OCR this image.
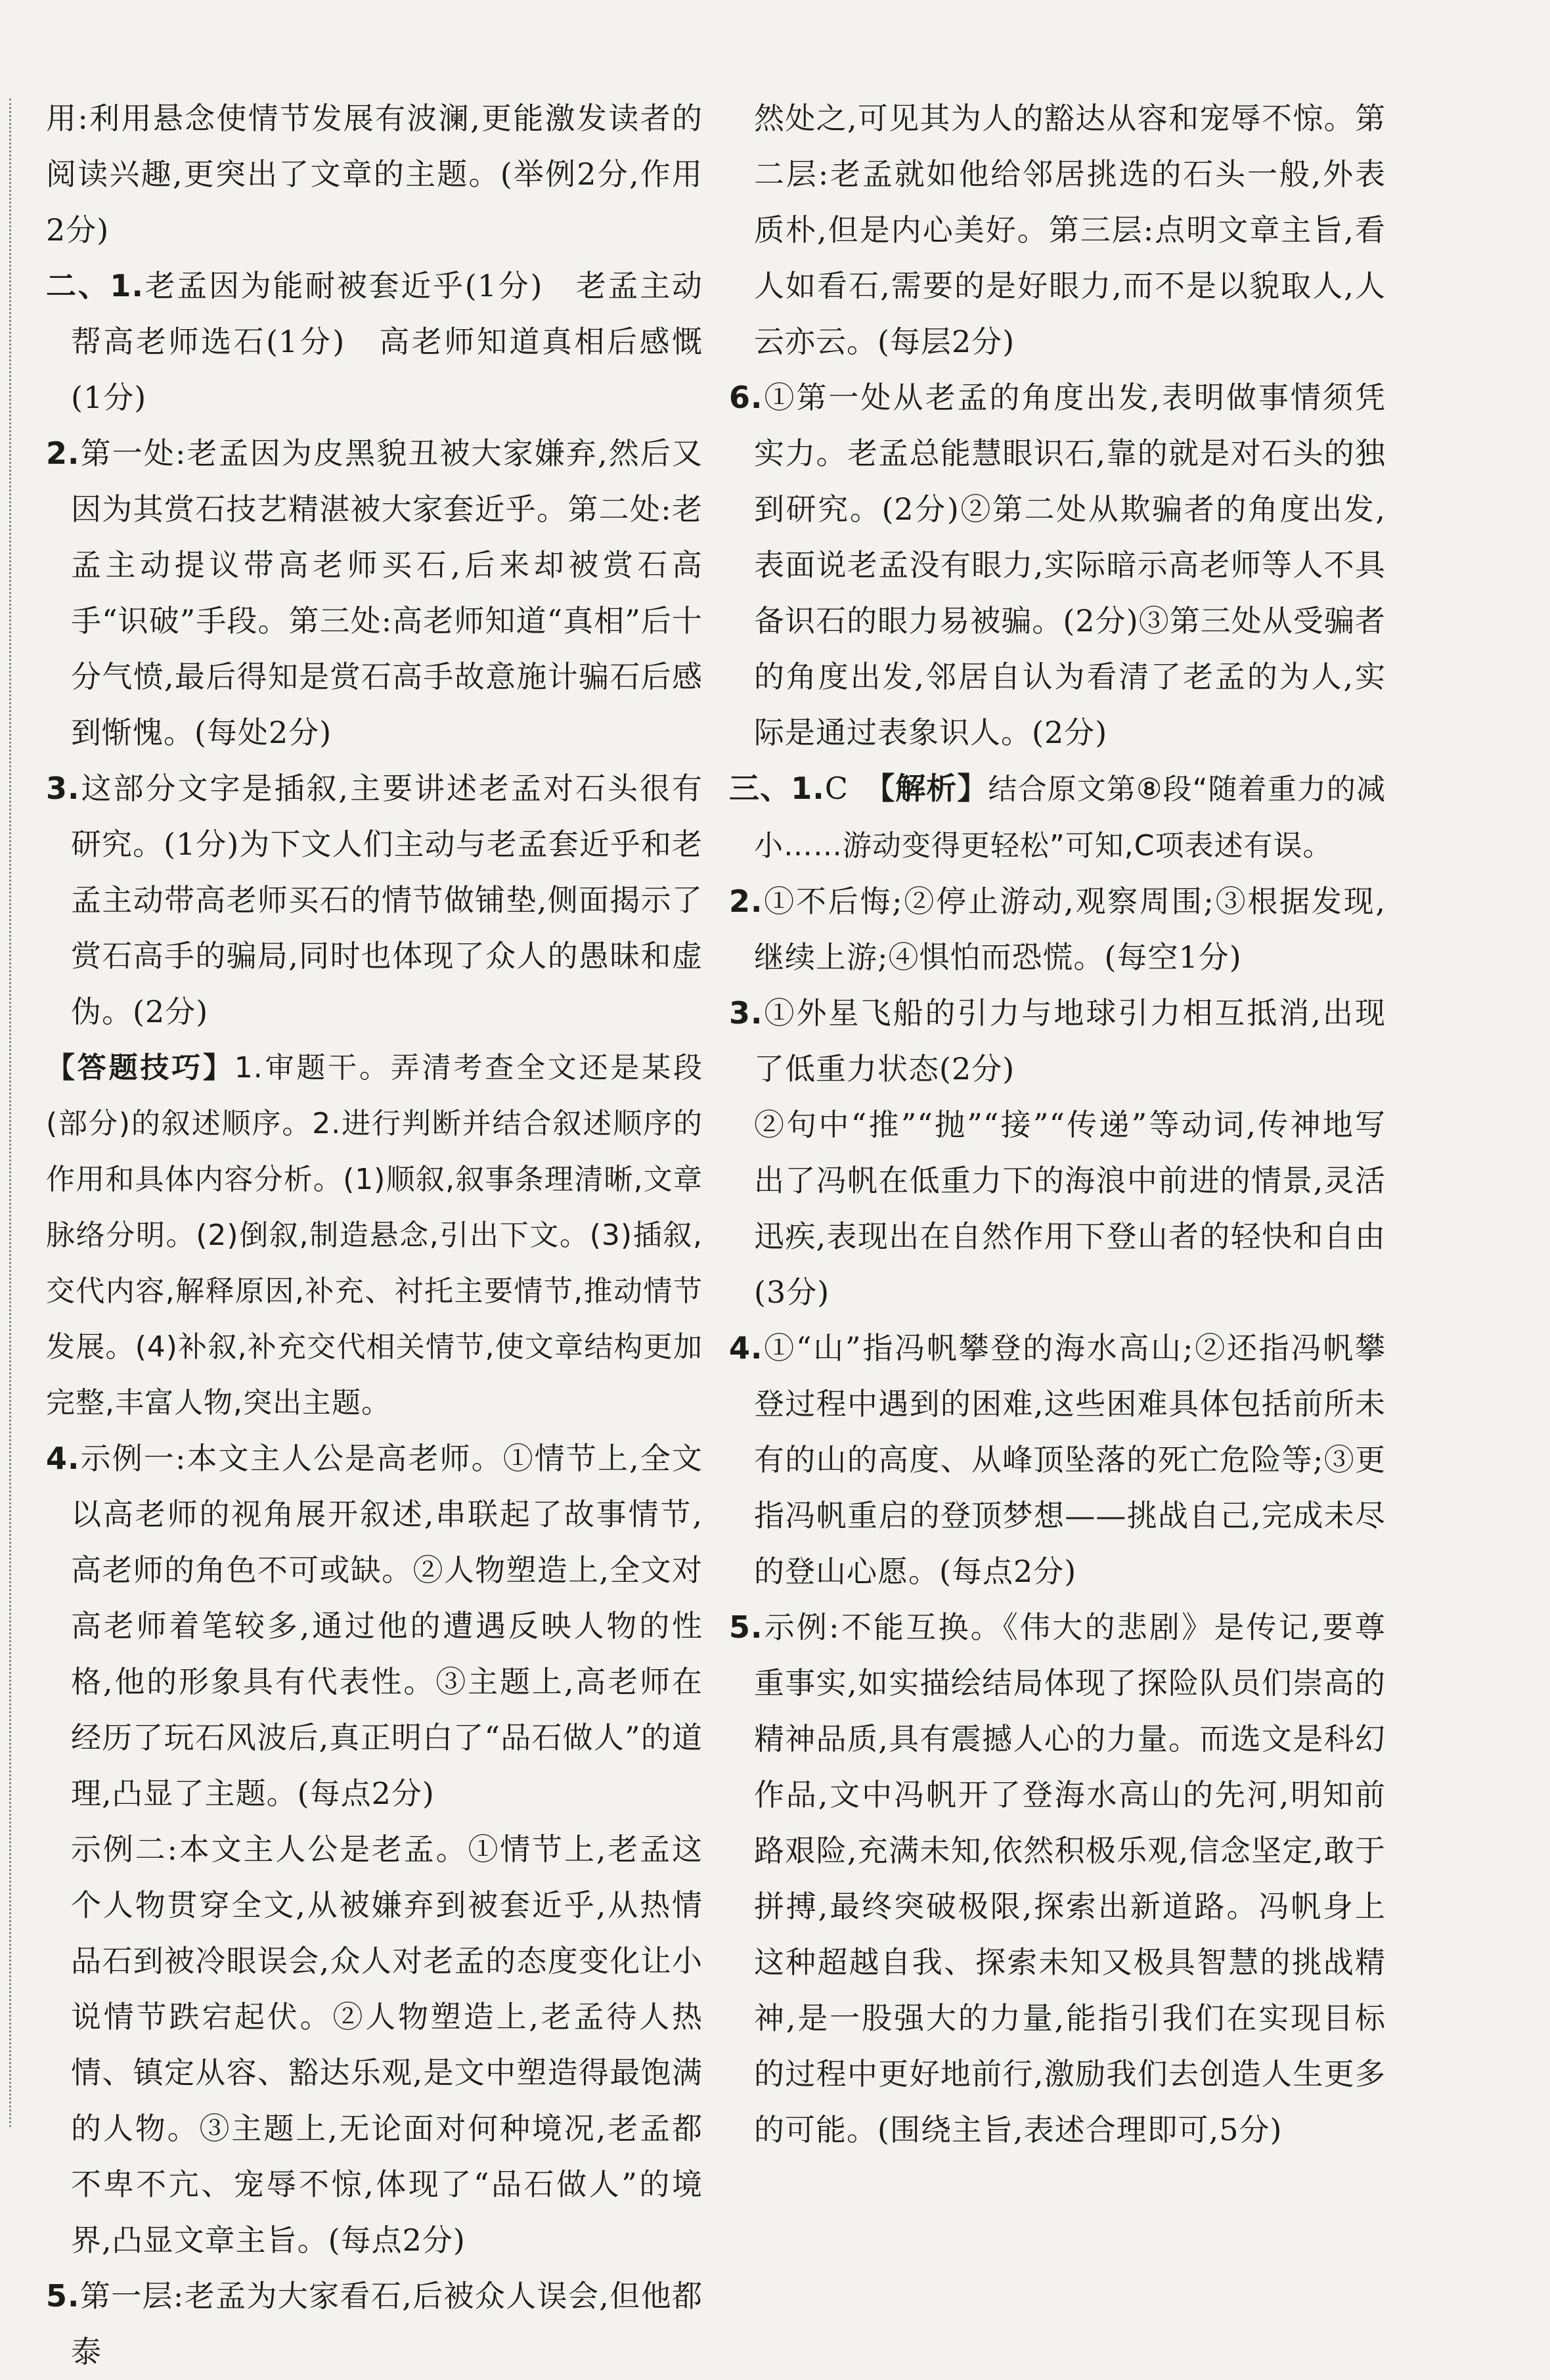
用:利用悬念使情节发展有波澜,更能激发读者的阅读兴趣,更突出了文章的主题。(举例2分,作用2分)

二、1.老孟因为能耐被套近乎(1分)　老孟主动帮高老师选石(1分)　高老师知道真相后感慨(1分)

2.第一处:老孟因为皮黑貌丑被大家嫌弃,然后又因为其赏石技艺精湛被大家套近乎。第二处:老孟主动提议带高老师买石,后来却被赏石高手“识破”手段。第三处:高老师知道“真相”后十分气愤,最后得知是赏石高手故意施计骗石后感到惭愧。(每处2分)

3.这部分文字是插叙,主要讲述老孟对石头很有研究。(1分)为下文人们主动与老孟套近乎和老孟主动带高老师买石的情节做铺垫,侧面揭示了赏石高手的骗局,同时也体现了众人的愚昧和虚伪。(2分)

【答题技巧】1.审题干。弄清考查全文还是某段(部分)的叙述顺序。2.进行判断并结合叙述顺序的作用和具体内容分析。(1)顺叙,叙事条理清晰,文章脉络分明。(2)倒叙,制造悬念,引出下文。(3)插叙,交代内容,解释原因,补充、衬托主要情节,推动情节发展。(4)补叙,补充交代相关情节,使文章结构更加完整,丰富人物,突出主题。

4.示例一:本文主人公是高老师。①情节上,全文以高老师的视角展开叙述,串联起了故事情节,高老师的角色不可或缺。②人物塑造上,全文对高老师着笔较多,通过他的遭遇反映人物的性格,他的形象具有代表性。③主题上,高老师在经历了玩石风波后,真正明白了“品石做人”的道理,凸显了主题。(每点2分)

示例二:本文主人公是老孟。①情节上,老孟这个人物贯穿全文,从被嫌弃到被套近乎,从热情品石到被冷眼误会,众人对老孟的态度变化让小说情节跌宕起伏。②人物塑造上,老孟待人热情、镇定从容、豁达乐观,是文中塑造得最饱满的人物。③主题上,无论面对何种境况,老孟都不卑不亢、宠辱不惊,体现了“品石做人”的境界,凸显文章主旨。(每点2分)

5.第一层:老孟为大家看石,后被众人误会,但他都泰

然处之,可见其为人的豁达从容和宠辱不惊。第二层:老孟就如他给邻居挑选的石头一般,外表质朴,但是内心美好。第三层:点明文章主旨,看人如看石,需要的是好眼力,而不是以貌取人,人云亦云。(每层2分)

6.①第一处从老孟的角度出发,表明做事情须凭实力。老孟总能慧眼识石,靠的就是对石头的独到研究。(2分)②第二处从欺骗者的角度出发,表面说老孟没有眼力,实际暗示高老师等人不具备识石的眼力易被骗。(2分)③第三处从受骗者的角度出发,邻居自认为看清了老孟的为人,实际是通过表象识人。(2分)

三、1.C　【解析】结合原文第⑧段“随着重力的减小……游动变得更轻松”可知,C项表述有误。

2.①不后悔;②停止游动,观察周围;③根据发现,继续上游;④惧怕而恐慌。(每空1分)

3.①外星飞船的引力与地球引力相互抵消,出现了低重力状态(2分)

②句中“推”“抛”“接”“传递”等动词,传神地写出了冯帆在低重力下的海浪中前进的情景,灵活迅疾,表现出在自然作用下登山者的轻快和自由(3分)

4.①“山”指冯帆攀登的海水高山;②还指冯帆攀登过程中遇到的困难,这些困难具体包括前所未有的山的高度、从峰顶坠落的死亡危险等;③更指冯帆重启的登顶梦想——挑战自己,完成未尽的登山心愿。(每点2分)

5.示例:不能互换。《伟大的悲剧》是传记,要尊重事实,如实描绘结局体现了探险队员们崇高的精神品质,具有震撼人心的力量。而选文是科幻作品,文中冯帆开了登海水高山的先河,明知前路艰险,充满未知,依然积极乐观,信念坚定,敢于拼搏,最终突破极限,探索出新道路。冯帆身上这种超越自我、探索未知又极具智慧的挑战精神,是一股强大的力量,能指引我们在实现目标的过程中更好地前行,激励我们去创造人生更多的可能。(围绕主旨,表述合理即可,5分)
